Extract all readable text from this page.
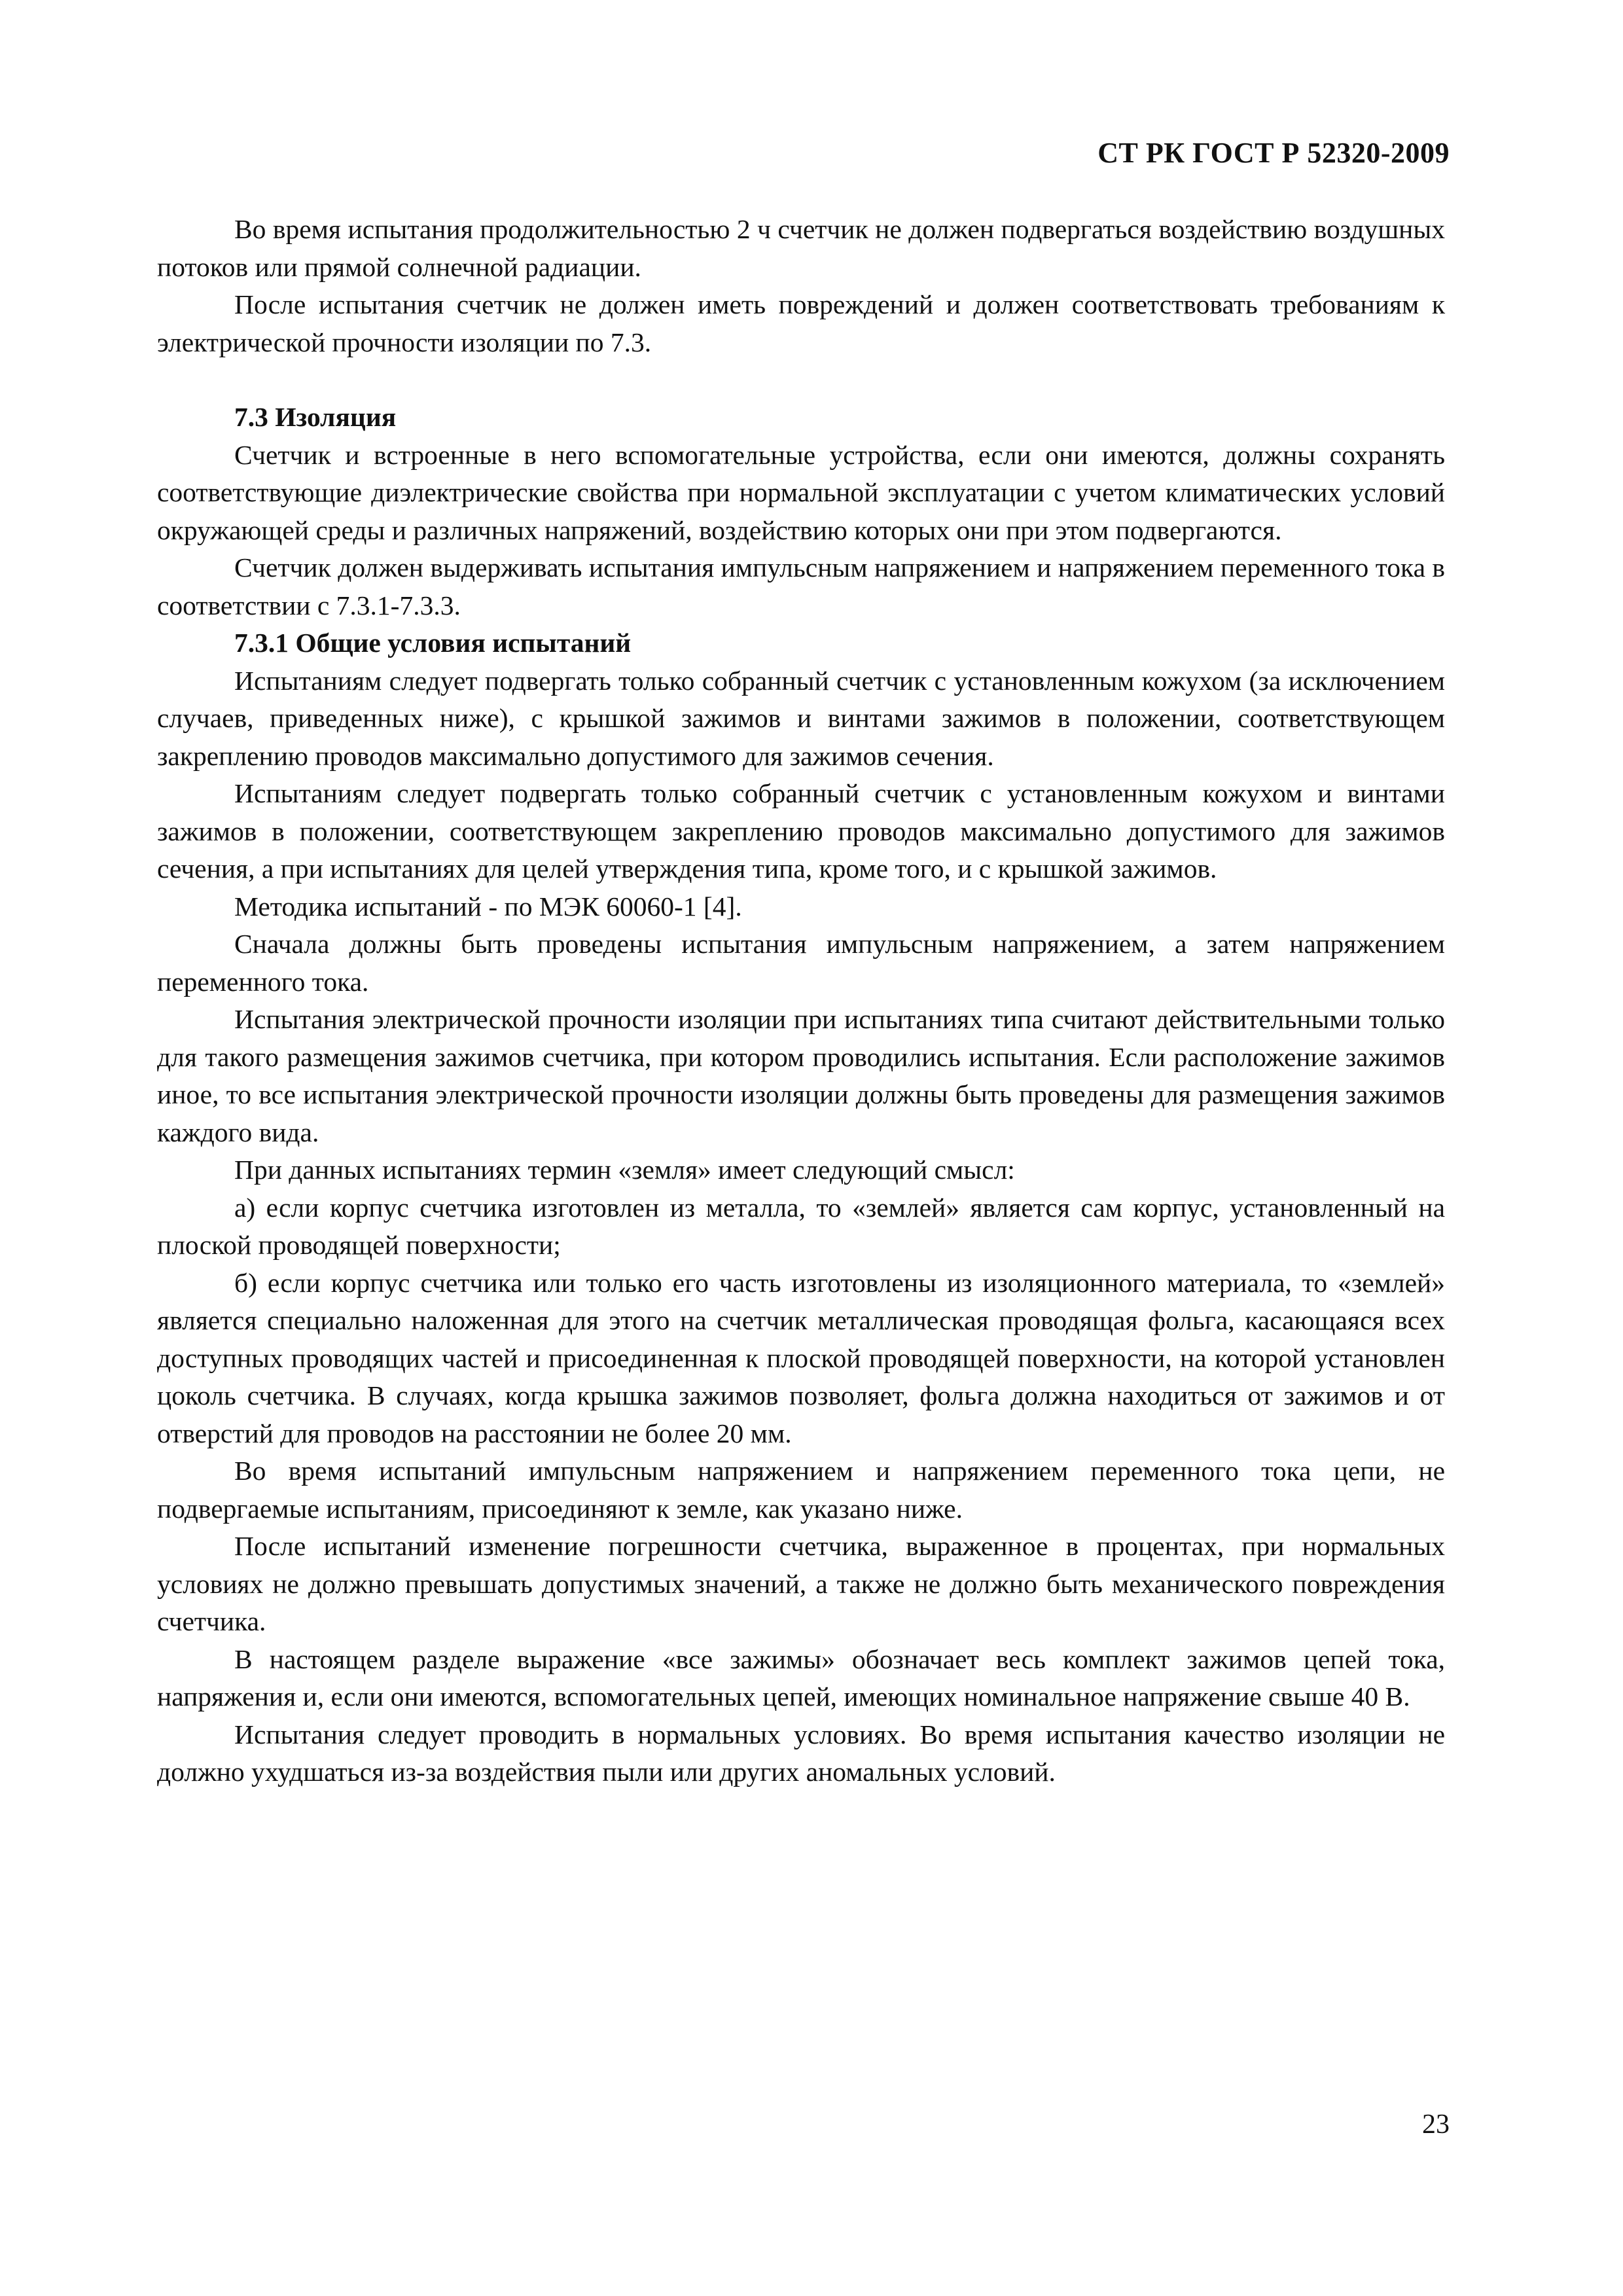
СТ РК ГОСТ Р 52320-2009

Во время испытания продолжительностью 2 ч счетчик не должен подвергаться воздействию воздушных потоков или прямой солнечной радиации.

После испытания счетчик не должен иметь повреждений и должен соответствовать требованиям к электрической прочности изоляции по 7.3.

7.3 Изоляция

Счетчик и встроенные в него вспомогательные устройства, если они имеются, должны сохранять соответствующие диэлектрические свойства при нормальной эксплуатации с учетом климатических условий окружающей среды и различных напряжений, воздействию которых они при этом подвергаются.

Счетчик должен выдерживать испытания импульсным напряжением и напряжением переменного тока в соответствии с 7.3.1-7.3.3.

7.3.1 Общие условия испытаний

Испытаниям следует подвергать только собранный счетчик с установленным кожухом (за исключением случаев, приведенных ниже), с крышкой зажимов и винтами зажимов в положении, соответствующем закреплению проводов максимально допустимого для зажимов сечения.

Испытаниям следует подвергать только собранный счетчик с установленным кожухом и винтами зажимов в положении, соответствующем закреплению проводов максимально допустимого для зажимов сечения, а при испытаниях для целей утверждения типа, кроме того, и с крышкой зажимов.

Методика испытаний - по МЭК 60060-1 [4].

Сначала должны быть проведены испытания импульсным напряжением, а затем напряжением переменного тока.

Испытания электрической прочности изоляции при испытаниях типа считают действительными только для такого размещения зажимов счетчика, при котором проводились испытания. Если расположение зажимов иное, то все испытания электрической прочности изоляции должны быть проведены для размещения зажимов каждого вида.

При данных испытаниях термин «земля» имеет следующий смысл:

а) если корпус счетчика изготовлен из металла, то «землей» является сам корпус, установленный на плоской проводящей поверхности;

б) если корпус счетчика или только его часть изготовлены из изоляционного материала, то «землей» является специально наложенная для этого на счетчик металлическая проводящая фольга, касающаяся всех доступных проводящих частей и присоединенная к плоской проводящей поверхности, на которой установлен цоколь счетчика. В случаях, когда крышка зажимов позволяет, фольга должна находиться от зажимов и от отверстий для проводов на расстоянии не более 20 мм.

Во время испытаний импульсным напряжением и напряжением переменного тока цепи, не подвергаемые испытаниям, присоединяют к земле, как указано ниже.

После испытаний изменение погрешности счетчика, выраженное в процентах, при нормальных условиях не должно превышать допустимых значений, а также не должно быть механического повреждения счетчика.

В настоящем разделе выражение «все зажимы» обозначает весь комплект зажимов цепей тока, напряжения и, если они имеются, вспомогательных цепей, имеющих номинальное напряжение свыше 40 В.

Испытания следует проводить в нормальных условиях. Во время испытания качество изоляции не должно ухудшаться из-за воздействия пыли или других аномальных условий.

23
